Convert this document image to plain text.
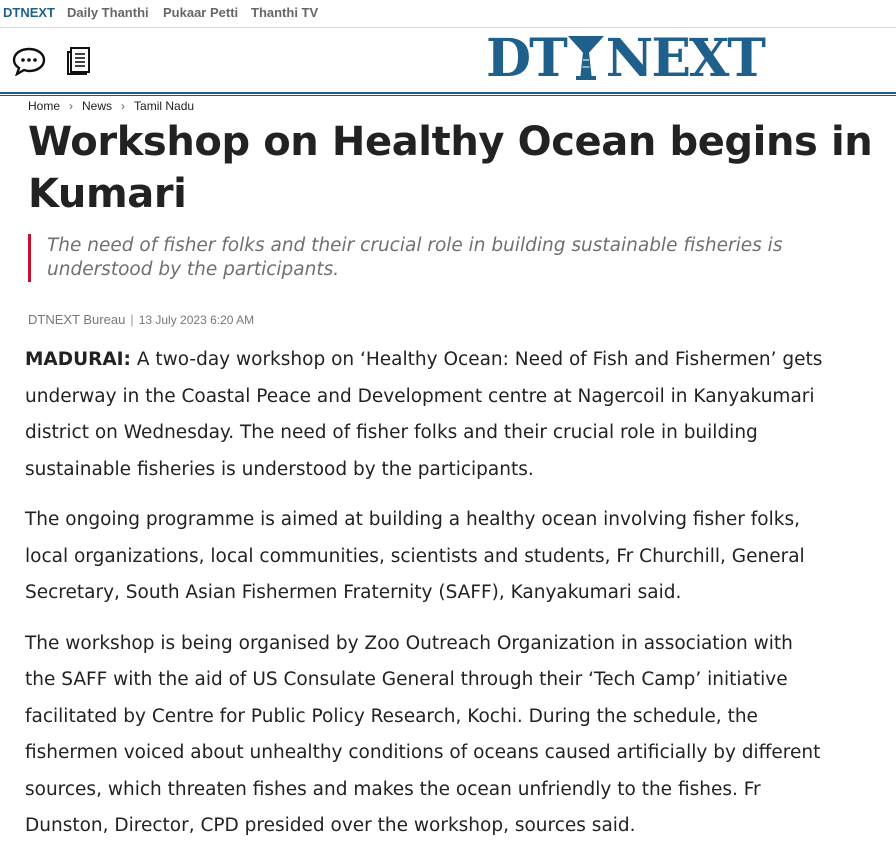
DTNEXT Daily Thanthi Pukaar Petti Thanthi TV
DT NEXT
Home › News › Tamil Nadu
Workshop on Healthy Ocean begins in Kumari
The need of fisher folks and their crucial role in building sustainable fisheries is understood by the participants.
DTNEXT Bureau | 13 July 2023 6:20 AM

MADURAI: A two-day workshop on ‘Healthy Ocean: Need of Fish and Fishermen’ gets underway in the Coastal Peace and Development centre at Nagercoil in Kanyakumari district on Wednesday. The need of fisher folks and their crucial role in building sustainable fisheries is understood by the participants.

The ongoing programme is aimed at building a healthy ocean involving fisher folks, local organizations, local communities, scientists and students, Fr Churchill, General Secretary, South Asian Fishermen Fraternity (SAFF), Kanyakumari said.

The workshop is being organised by Zoo Outreach Organization in association with the SAFF with the aid of US Consulate General through their ‘Tech Camp’ initiative facilitated by Centre for Public Policy Research, Kochi. During the schedule, the fishermen voiced about unhealthy conditions of oceans caused artificially by different sources, which threaten fishes and makes the ocean unfriendly to the fishes. Fr Dunston, Director, CPD presided over the workshop, sources said.
